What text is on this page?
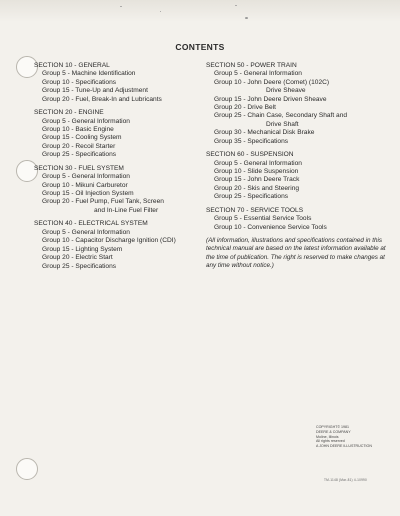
CONTENTS
SECTION 10 - GENERAL
Group 5 - Machine Identification
Group 10 - Specifications
Group 15 - Tune-Up and Adjustment
Group 20 - Fuel, Break-In and Lubricants
SECTION 20 - ENGINE
Group 5 - General Information
Group 10 - Basic Engine
Group 15 - Cooling System
Group 20 - Recoil Starter
Group 25 - Specifications
SECTION 30 - FUEL SYSTEM
Group 5 - General Information
Group 10 - Mikuni Carburetor
Group 15 - Oil Injection System
Group 20 - Fuel Pump, Fuel Tank, Screen
and In-Line Fuel Filter
SECTION 40 - ELECTRICAL SYSTEM
Group 5 - General Information
Group 10 - Capacitor Discharge Ignition (CDI)
Group 15 - Lighting System
Group 20 - Electric Start
Group 25 - Specifications
SECTION 50 - POWER TRAIN
Group 5 - General Information
Group 10 - John Deere (Comet) (102C)
Drive Sheave
Group 15 - John Deere Driven Sheave
Group 20 - Drive Belt
Group 25 - Chain Case, Secondary Shaft and
Drive Shaft
Group 30 - Mechanical Disk Brake
Group 35 - Specifications
SECTION 60 - SUSPENSION
Group 5 - General Information
Group 10 - Slide Suspension
Group 15 - John Deere Track
Group 20 - Skis and Steering
Group 25 - Specifications
SECTION 70 - SERVICE TOOLS
Group 5 - Essential Service Tools
Group 10 - Convenience Service Tools
(All information, illustrations and specifications contained in this technical manual are based on the latest information available at the time of publication. The right is reserved to make changes at any time without notice.)
COPYRIGHT© 1981
DEERE & COMPANY
Moline, Illinois
All rights reserved
A JOHN DEERE ILLUSTRUCTION
TM-1148 (Mar-81) 4-10990
